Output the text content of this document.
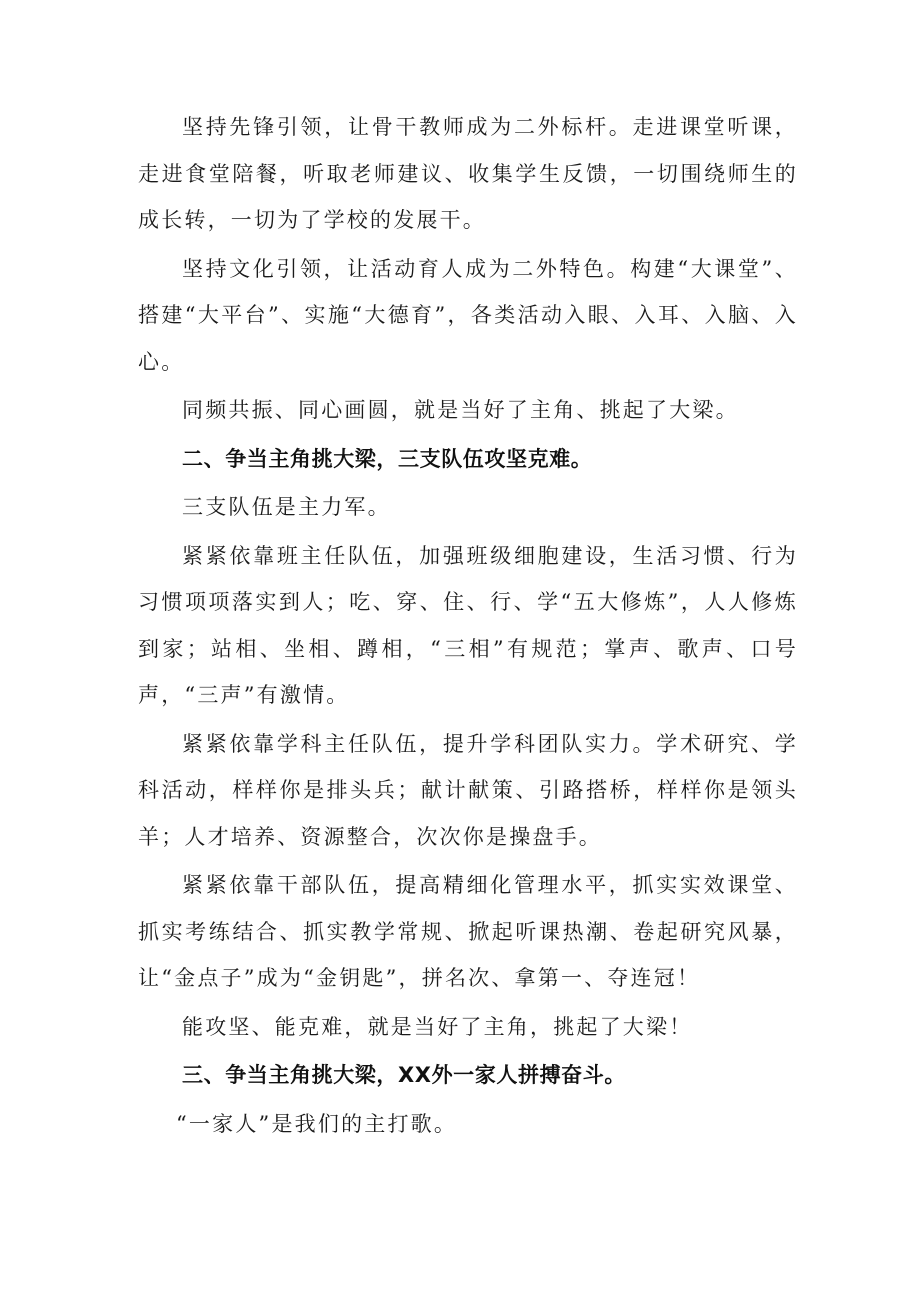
坚持先锋引领，让骨干教师成为二外标杆。走进课堂听课，走进食堂陪餐，听取老师建议、收集学生反馈，一切围绕师生的成长转，一切为了学校的发展干。

坚持文化引领，让活动育人成为二外特色。构建“大课堂”、搭建“大平台”、实施“大德育”，各类活动入眼、入耳、入脑、入心。

同频共振、同心画圆，就是当好了主角、挑起了大梁。

二、争当主角挑大梁，三支队伍攻坚克难。

三支队伍是主力军。

紧紧依靠班主任队伍，加强班级细胞建设，生活习惯、行为习惯项项落实到人；吃、穿、住、行、学“五大修炼”，人人修炼到家；站相、坐相、蹲相，“三相”有规范；掌声、歌声、口号声，“三声”有激情。

紧紧依靠学科主任队伍，提升学科团队实力。学术研究、学科活动，样样你是排头兵；献计献策、引路搭桥，样样你是领头羊；人才培养、资源整合，次次你是操盘手。

紧紧依靠干部队伍，提高精细化管理水平，抓实实效课堂、抓实考练结合、抓实教学常规、掀起听课热潮、卷起研究风暴，让“金点子”成为“金钥匙”，拼名次、拿第一、夺连冠！

能攻坚、能克难，就是当好了主角，挑起了大梁！

三、争当主角挑大梁，XX外一家人拼搏奋斗。

“一家人”是我们的主打歌。
